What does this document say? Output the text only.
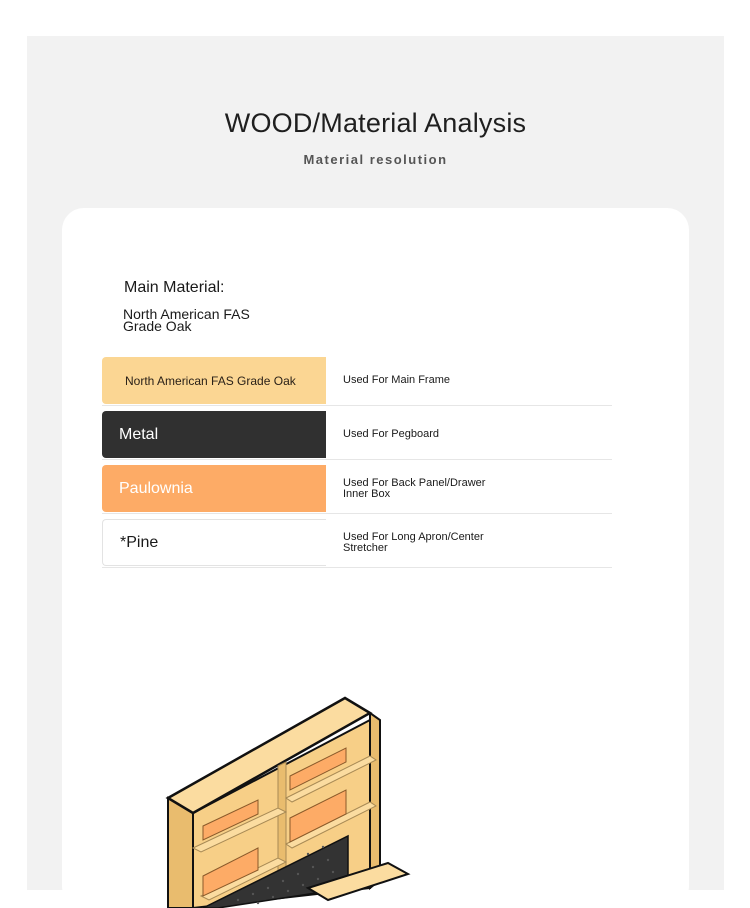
WOOD/Material Analysis
Material resolution
Main Material:
North American FAS Grade Oak
North American FAS Grade Oak	Used For Main Frame
Metal	Used For Pegboard
Paulownia	Used For Back Panel/Drawer Inner Box
*Pine	Used For Long Apron/Center Stretcher
